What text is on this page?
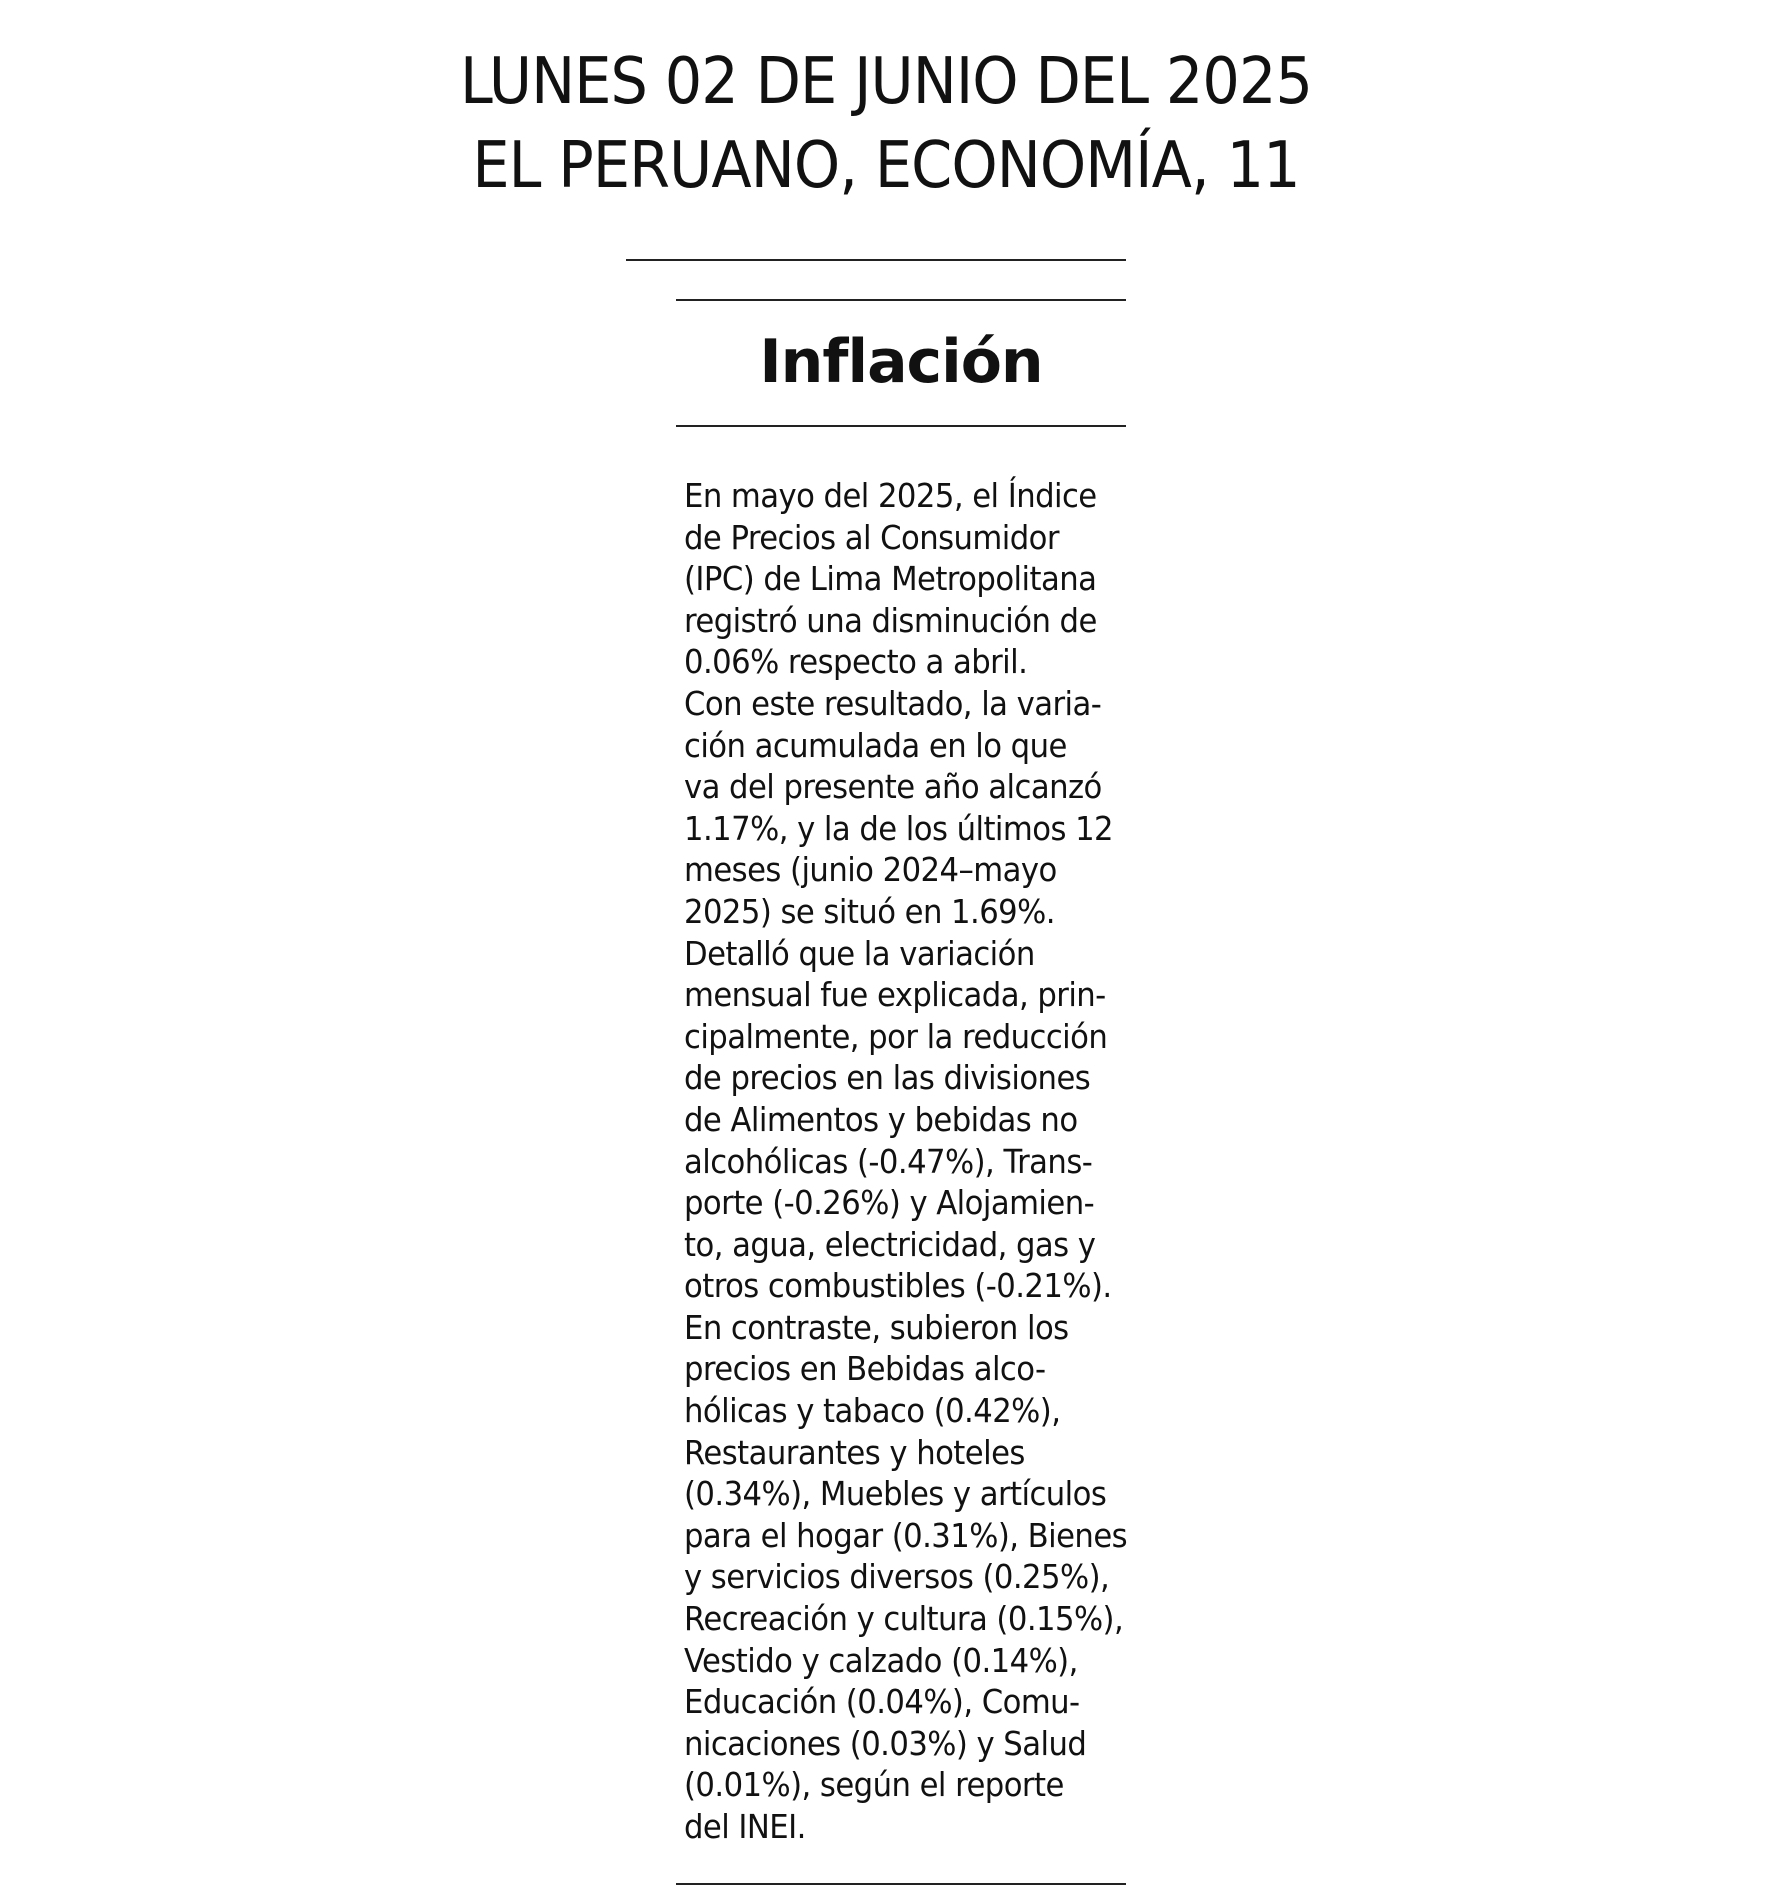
LUNES 02 DE JUNIO DEL 2025
EL PERUANO, ECONOMÍA, 11
Inflación
En mayo del 2025, el Índice
de Precios al Consumidor
(IPC) de Lima Metropolitana
registró una disminución de
0.06% respecto a abril.
Con este resultado, la varia-
ción acumulada en lo que
va del presente año alcanzó
1.17%, y la de los últimos 12
meses (junio 2024–mayo
2025) se situó en 1.69%.
Detalló que la variación
mensual fue explicada, prin-
cipalmente, por la reducción
de precios en las divisiones
de Alimentos y bebidas no
alcohólicas (-0.47%), Trans-
porte (-0.26%) y Alojamien-
to, agua, electricidad, gas y
otros combustibles (-0.21%).
En contraste, subieron los
precios en Bebidas alco-
hólicas y tabaco (0.42%),
Restaurantes y hoteles
(0.34%), Muebles y artículos
para el hogar (0.31%), Bienes
y servicios diversos (0.25%),
Recreación y cultura (0.15%),
Vestido y calzado (0.14%),
Educación (0.04%), Comu-
nicaciones (0.03%) y Salud
(0.01%), según el reporte
del INEI.
